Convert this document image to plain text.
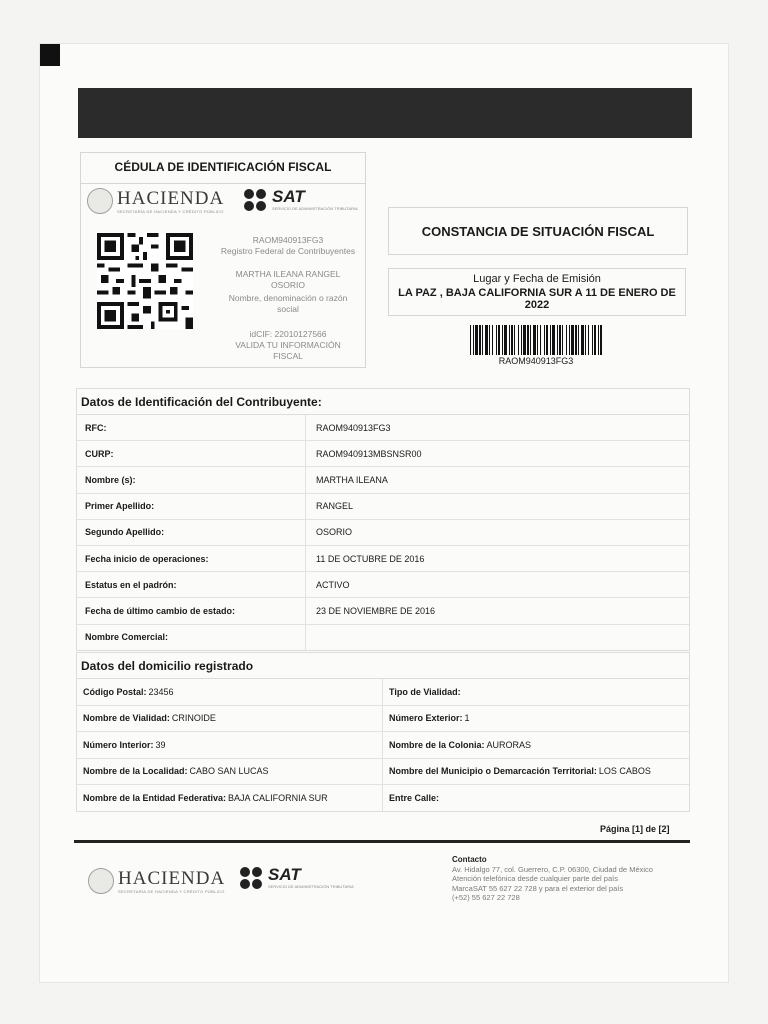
CÉDULA DE IDENTIFICACIÓN FISCAL
HACIENDA
SECRETARÍA DE HACIENDA Y CRÉDITO PÚBLICO
SAT
SERVICIO DE ADMINISTRACIÓN TRIBUTARIA
RAOM940913FG3
Registro Federal de Contribuyentes
MARTHA ILEANA RANGEL OSORIO
Nombre, denominación o razón social
idCIF: 22010127566
VALIDA TU INFORMACIÓN FISCAL
CONSTANCIA DE SITUACIÓN FISCAL
Lugar y Fecha de Emisión
LA PAZ , BAJA CALIFORNIA SUR A 11 DE ENERO DE 2022
RAOM940913FG3
Datos de Identificación del Contribuyente:
RFC:	RAOM940913FG3
CURP:	RAOM940913MBSNSR00
Nombre (s):	MARTHA ILEANA
Primer Apellido:	RANGEL
Segundo Apellido:	OSORIO
Fecha inicio de operaciones:	11 DE OCTUBRE DE 2016
Estatus en el padrón:	ACTIVO
Fecha de último cambio de estado:	23 DE NOVIEMBRE DE 2016
Nombre Comercial:
Datos del domicilio registrado
Código Postal: 23456	Tipo de Vialidad:
Nombre de Vialidad: CRINOIDE	Número Exterior: 1
Número Interior: 39	Nombre de la Colonia: AURORAS
Nombre de la Localidad: CABO SAN LUCAS	Nombre del Municipio o Demarcación Territorial: LOS CABOS
Nombre de la Entidad Federativa: BAJA CALIFORNIA SUR	Entre Calle:
Página [1] de [2]
HACIENDA
SECRETARÍA DE HACIENDA Y CRÉDITO PÚBLICO
SAT
SERVICIO DE ADMINISTRACIÓN TRIBUTARIA
Contacto
Av. Hidalgo 77, col. Guerrero, C.P. 06300, Ciudad de México
Atención telefónica desde cualquier parte del país
MarcaSAT 55 627 22 728 y para el exterior del país
(+52) 55 627 22 728
